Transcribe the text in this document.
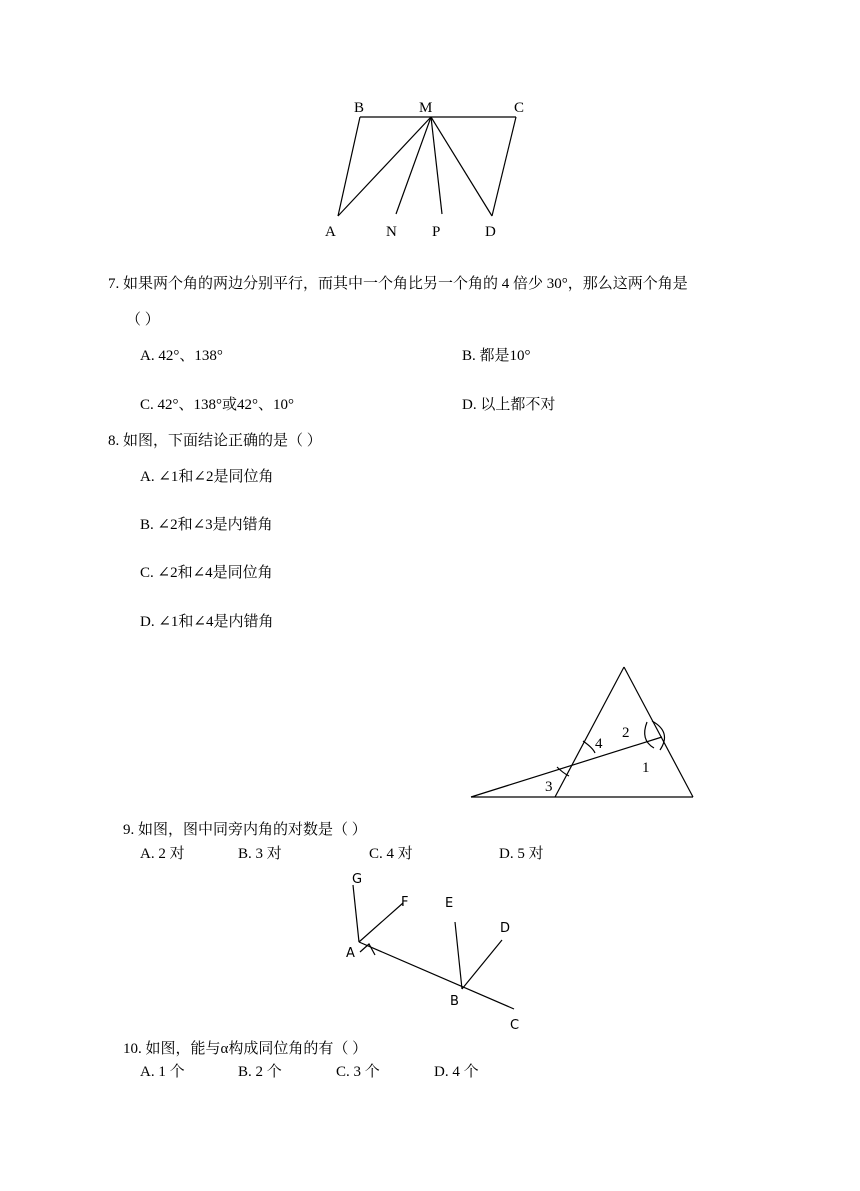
B	M	C
A	N P	D
7. 如果两个角的两边分别平行，而其中一个角比另一个角的 4 倍少 30°，那么这两个角是
（ ）
A. 42°、138°	B. 都是10°
C. 42°、138°或42°、10°	D. 以上都不对
8. 如图，下面结论正确的是（ ）
A. ∠1和∠2是同位角
B. ∠2和∠3是内错角
C. ∠2和∠4是同位角
D. ∠1和∠4是内错角
2
4
1
3
9. 如图，图中同旁内角的对数是（ ）
A. 2 对	B. 3 对	C. 4 对	D. 5 对
G
F	E
D
A
B
C
10. 如图，能与α构成同位角的有（ ）
A. 1 个	B. 2 个	C. 3 个	D. 4 个
